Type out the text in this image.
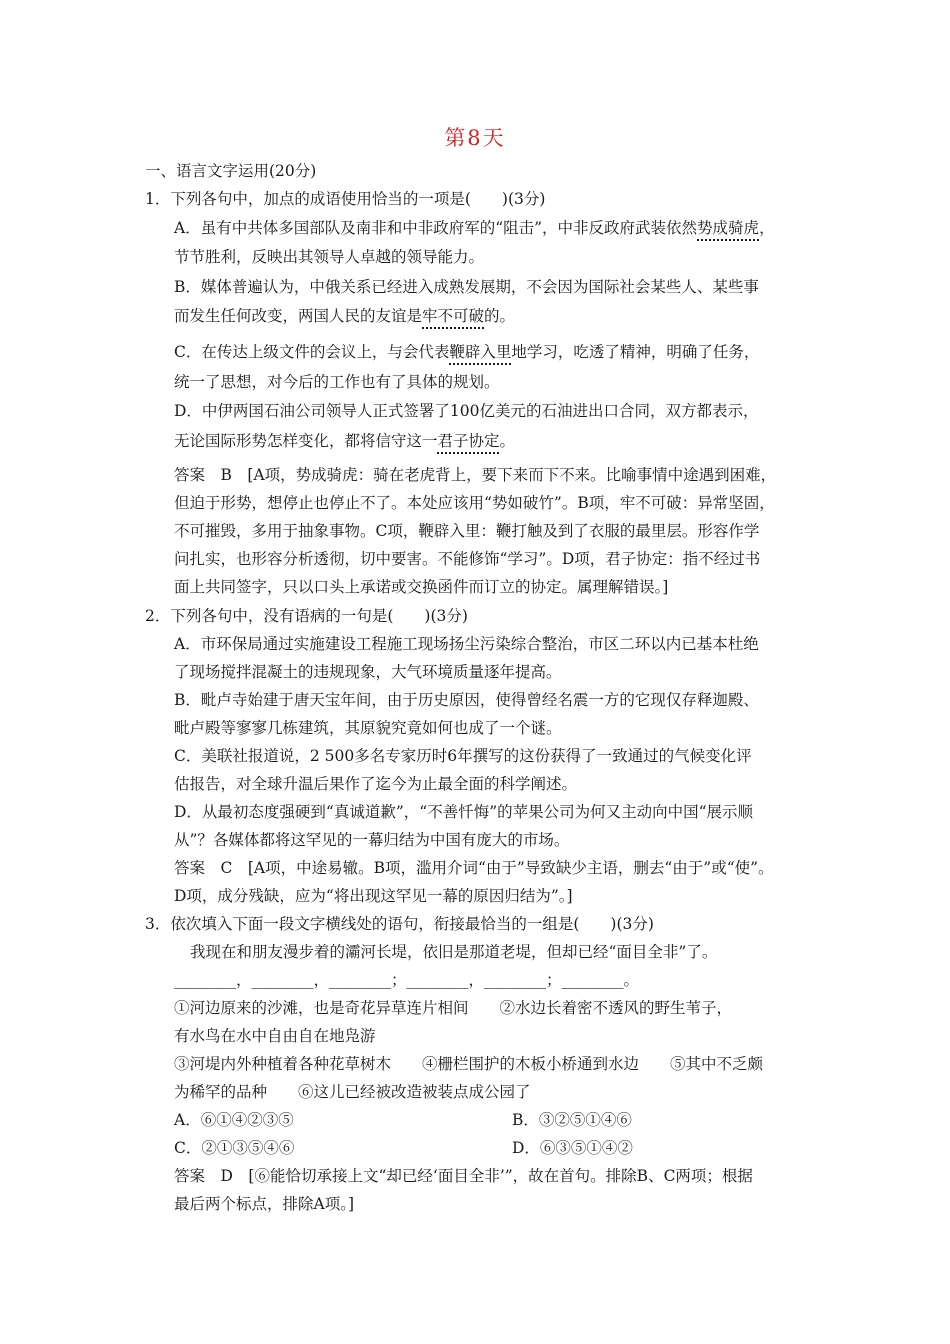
第8天
一、语言文字运用(20分)
1．下列各句中，加点的成语使用恰当的一项是(　　)(3分)
A．虽有中共体多国部队及南非和中非政府军的“阻击”，中非反政府武装依然势成骑虎，
节节胜利，反映出其领导人卓越的领导能力。
B．媒体普遍认为，中俄关系已经进入成熟发展期，不会因为国际社会某些人、某些事
而发生任何改变，两国人民的友谊是牢不可破的。
C．在传达上级文件的会议上，与会代表鞭辟入里地学习，吃透了精神，明确了任务，
统一了思想，对今后的工作也有了具体的规划。
D．中伊两国石油公司领导人正式签署了100亿美元的石油进出口合同，双方都表示，
无论国际形势怎样变化，都将信守这一君子协定。
答案　B　[A项，势成骑虎：骑在老虎背上，要下来而下不来。比喻事情中途遇到困难，
但迫于形势，想停止也停止不了。本处应该用“势如破竹”。B项，牢不可破：异常坚固，
不可摧毁，多用于抽象事物。C项，鞭辟入里：鞭打触及到了衣服的最里层。形容作学
问扎实，也形容分析透彻，切中要害。不能修饰“学习”。D项，君子协定：指不经过书
面上共同签字，只以口头上承诺或交换函件而订立的协定。属理解错误。]
2．下列各句中，没有语病的一句是(　　)(3分)
A．市环保局通过实施建设工程施工现场扬尘污染综合整治，市区二环以内已基本杜绝
了现场搅拌混凝土的违规现象，大气环境质量逐年提高。
B．毗卢寺始建于唐天宝年间，由于历史原因，使得曾经名震一方的它现仅存释迦殿、
毗卢殿等寥寥几栋建筑，其原貌究竟如何也成了一个谜。
C．美联社报道说，2 500多名专家历时6年撰写的这份获得了一致通过的气候变化评
估报告，对全球升温后果作了迄今为止最全面的科学阐述。
D．从最初态度强硬到“真诚道歉”，“不善忏悔”的苹果公司为何又主动向中国“展示顺
从”？各媒体都将这罕见的一幕归结为中国有庞大的市场。
答案　C　[A项，中途易辙。B项，滥用介词“由于”导致缺少主语，删去“由于”或“使”。
D项，成分残缺，应为“将出现这罕见一幕的原因归结为”。]
3．依次填入下面一段文字横线处的语句，衔接最恰当的一组是(　　)(3分)
我现在和朋友漫步着的灞河长堤，依旧是那道老堤，但却已经“面目全非”了。
________，________，________；________，________；________。
①河边原来的沙滩，也是奇花异草连片相间　　②水边长着密不透风的野生苇子，
有水鸟在水中自由自在地凫游
③河堤内外种植着各种花草树木　　④栅栏围护的木板小桥通到水边　　⑤其中不乏颇
为稀罕的品种　　⑥这儿已经被改造被装点成公园了
A．⑥①④②③⑤	B．③②⑤①④⑥
C．②①③⑤④⑥	D．⑥③⑤①④②
答案　D　[⑥能恰切承接上文“却已经‘面目全非’”，故在首句。排除B、C两项；根据
最后两个标点，排除A项。]
